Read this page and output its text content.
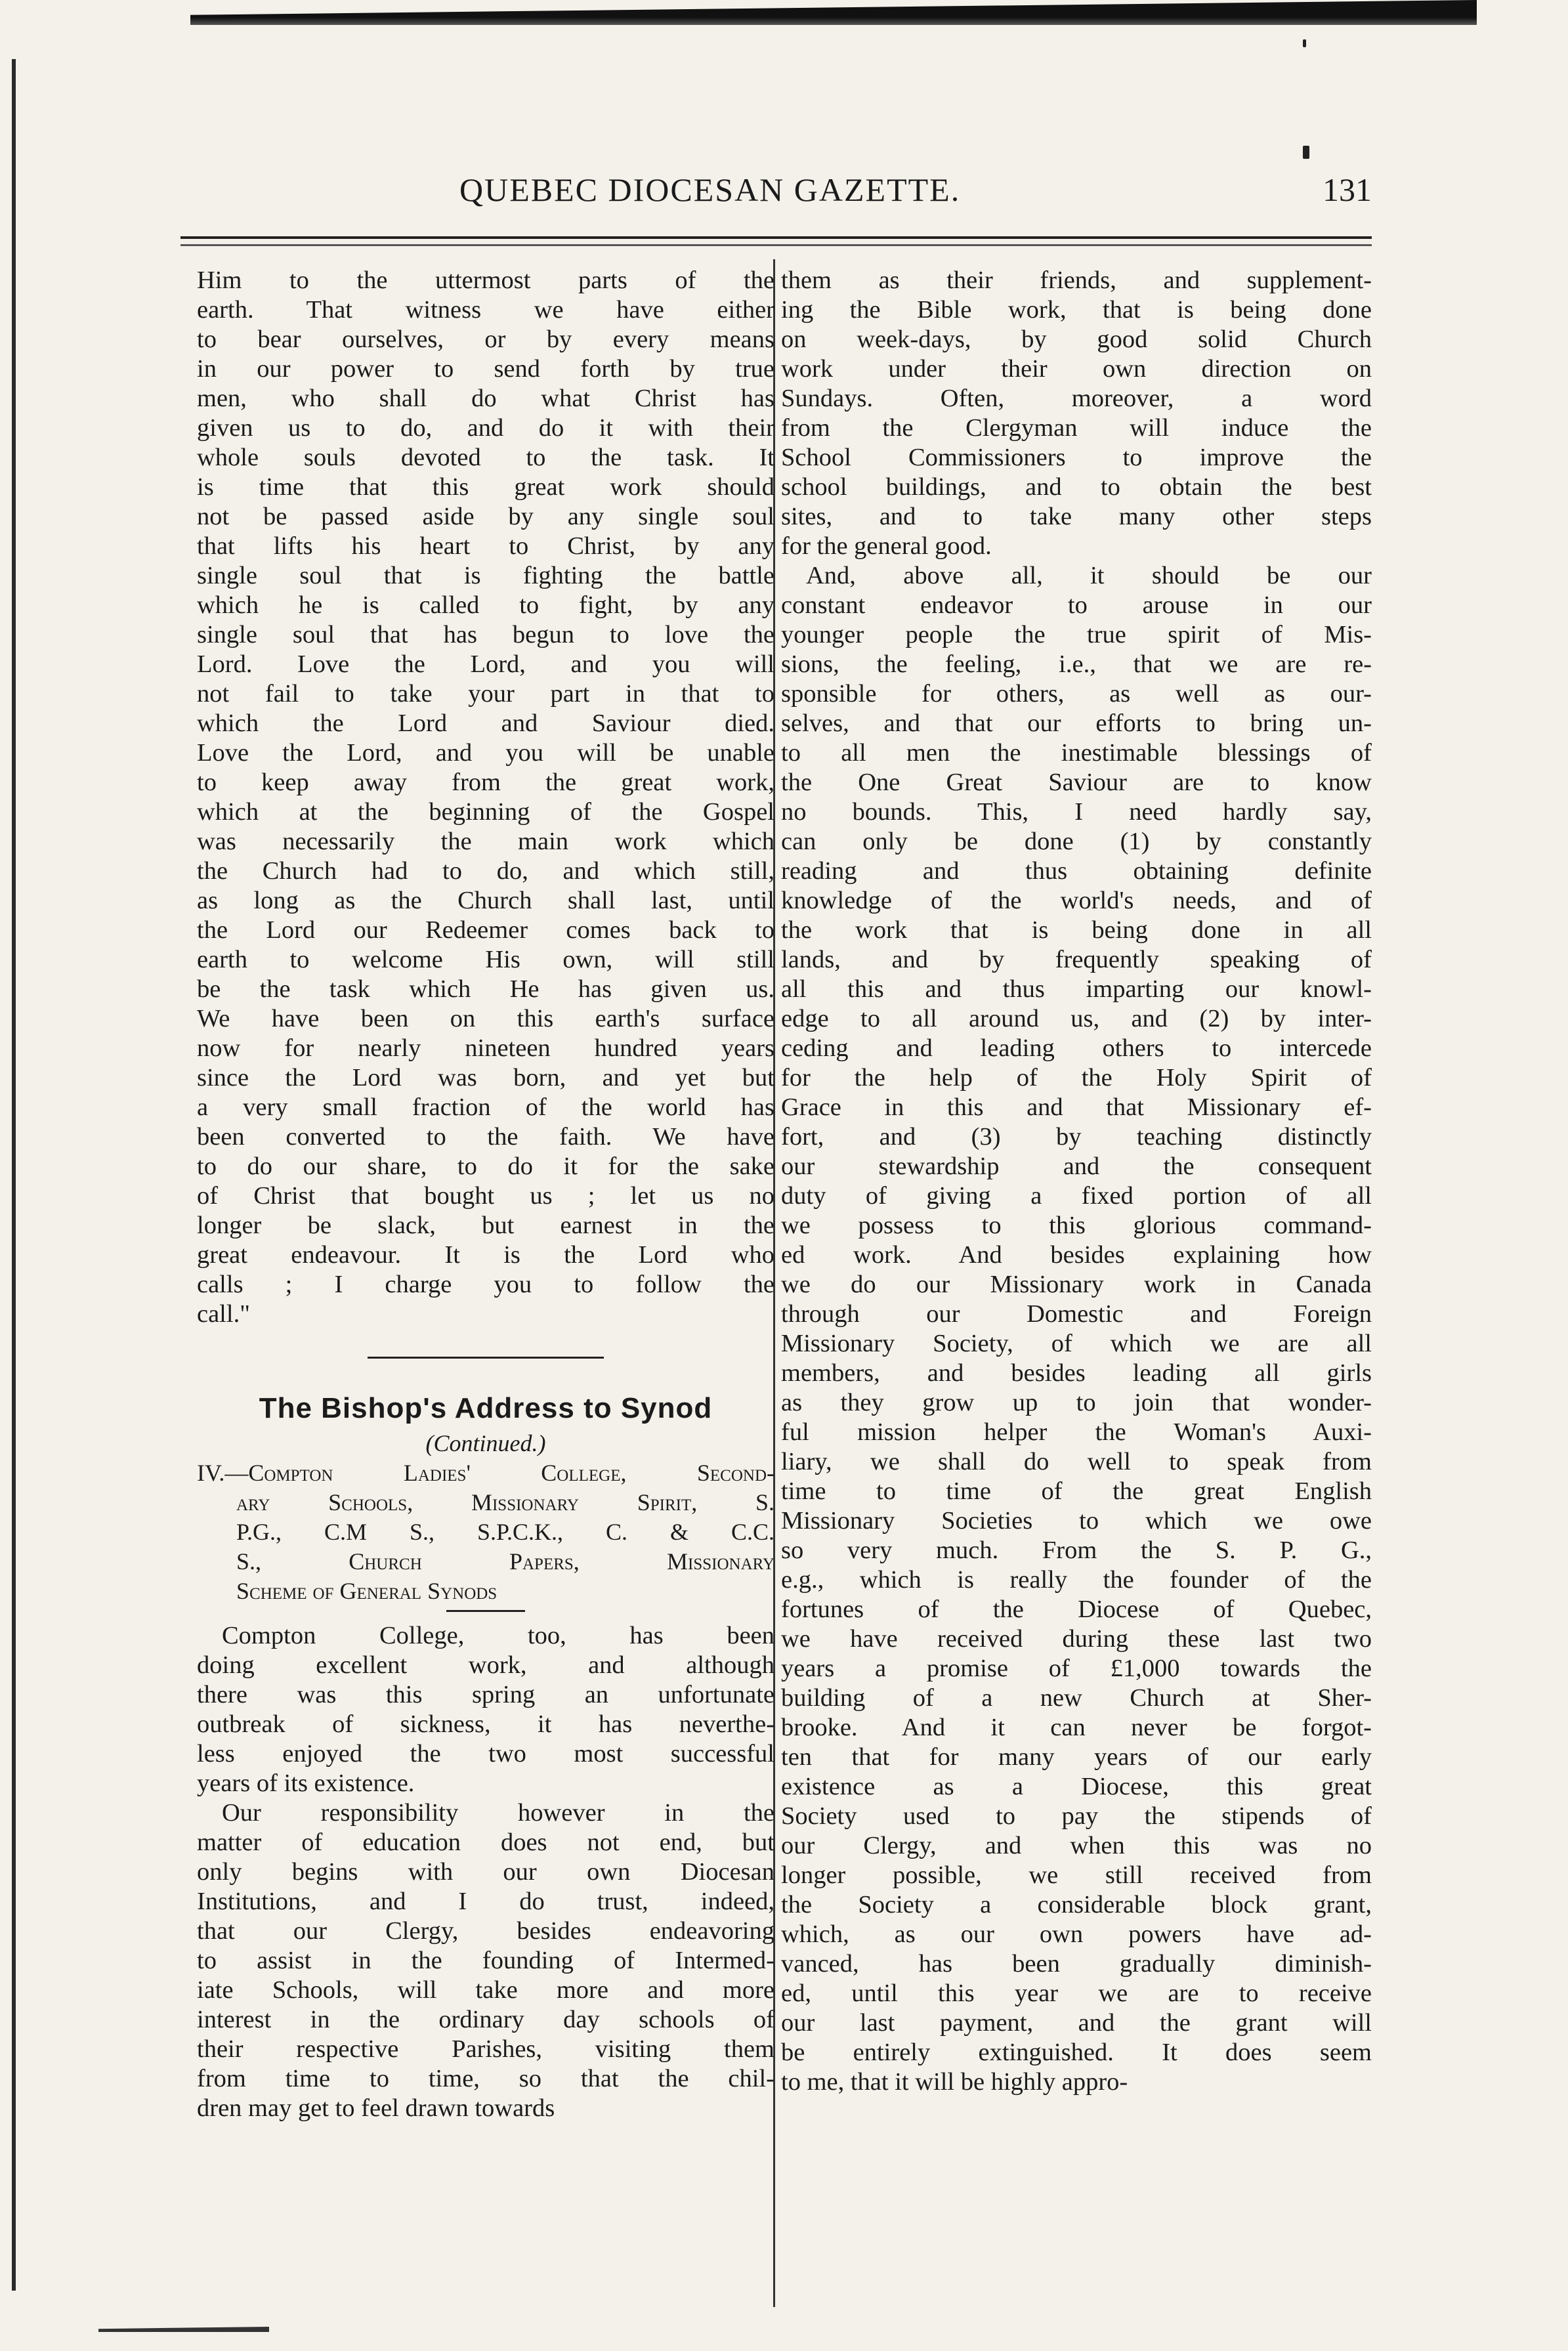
QUEBEC DIOCESAN GAZETTE.	131
Him to the uttermost parts of the
earth. That witness we have either
to bear ourselves, or by every means
in our power to send forth by true
men, who shall do what Christ has
given us to do, and do it with their
whole souls devoted to the task. It
is time that this great work should
not be passed aside by any single soul
that lifts his heart to Christ, by any
single soul that is fighting the battle
which he is called to fight, by any
single soul that has begun to love the
Lord. Love the Lord, and you will
not fail to take your part in that to
which the Lord and Saviour died.
Love the Lord, and you will be unable
to keep away from the great work,
which at the beginning of the Gospel
was necessarily the main work which
the Church had to do, and which still,
as long as the Church shall last, until
the Lord our Redeemer comes back to
earth to welcome His own, will still
be the task which He has given us.
We have been on this earth's surface
now for nearly nineteen hundred years
since the Lord was born, and yet but
a very small fraction of the world has
been converted to the faith. We have
to do our share, to do it for the sake
of Christ that bought us ; let us no
longer be slack, but earnest in the
great endeavour. It is the Lord who
calls ; I charge you to follow the
call."
The Bishop's Address to Synod
(Continued.)
IV.—Compton Ladies' College, Second-
ary Schools, Missionary Spirit, S.
P.G., C.M S., S.P.C.K., C. & C.C.
S., Church Papers, Missionary
Scheme of General Synods
Compton College, too, has been
doing excellent work, and although
there was this spring an unfortunate
outbreak of sickness, it has neverthe-
less enjoyed the two most successful
years of its existence.
Our responsibility however in the
matter of education does not end, but
only begins with our own Diocesan
Institutions, and I do trust, indeed,
that our Clergy, besides endeavoring
to assist in the founding of Intermed-
iate Schools, will take more and more
interest in the ordinary day schools of
their respective Parishes, visiting them
from time to time, so that the chil-
dren may get to feel drawn towards
them as their friends, and supplement-
ing the Bible work, that is being done
on week-days, by good solid Church
work under their own direction on
Sundays. Often, moreover, a word
from the Clergyman will induce the
School Commissioners to improve the
school buildings, and to obtain the best
sites, and to take many other steps
for the general good.
And, above all, it should be our
constant endeavor to arouse in our
younger people the true spirit of Mis-
sions, the feeling, i.e., that we are re-
sponsible for others, as well as our-
selves, and that our efforts to bring un-
to all men the inestimable blessings of
the One Great Saviour are to know
no bounds. This, I need hardly say,
can only be done (1) by constantly
reading and thus obtaining definite
knowledge of the world's needs, and of
the work that is being done in all
lands, and by frequently speaking of
all this and thus imparting our knowl-
edge to all around us, and (2) by inter-
ceding and leading others to intercede
for the help of the Holy Spirit of
Grace in this and that Missionary ef-
fort, and (3) by teaching distinctly
our stewardship and the consequent
duty of giving a fixed portion of all
we possess to this glorious command-
ed work. And besides explaining how
we do our Missionary work in Canada
through our Domestic and Foreign
Missionary Society, of which we are all
members, and besides leading all girls
as they grow up to join that wonder-
ful mission helper the Woman's Auxi-
liary, we shall do well to speak from
time to time of the great English
Missionary Societies to which we owe
so very much. From the S. P. G.,
e.g., which is really the founder of the
fortunes of the Diocese of Quebec,
we have received during these last two
years a promise of £1,000 towards the
building of a new Church at Sher-
brooke. And it can never be forgot-
ten that for many years of our early
existence as a Diocese, this great
Society used to pay the stipends of
our Clergy, and when this was no
longer possible, we still received from
the Society a considerable block grant,
which, as our own powers have ad-
vanced, has been gradually diminish-
ed, until this year we are to receive
our last payment, and the grant will
be entirely extinguished. It does seem
to me, that it will be highly appro-
